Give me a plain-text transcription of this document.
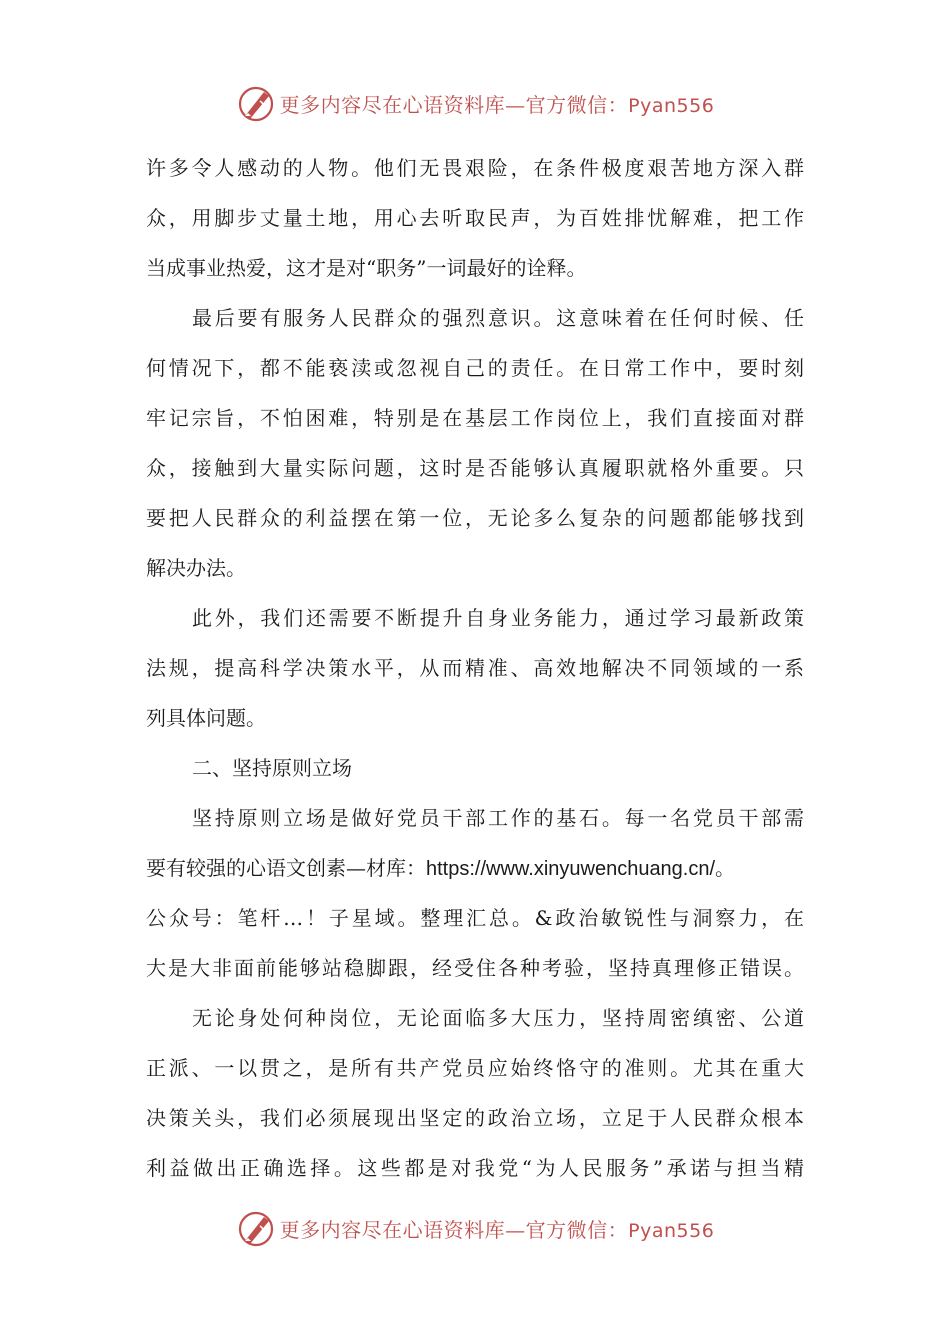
更多内容尽在心语资料库—官方微信：Pyan556
许多令人感动的人物。他们无畏艰险，在条件极度艰苦地方深入群
众，用脚步丈量土地，用心去听取民声，为百姓排忧解难，把工作
当成事业热爱，这才是对“职务”一词最好的诠释。
最后要有服务人民群众的强烈意识。这意味着在任何时候、任
何情况下，都不能亵渎或忽视自己的责任。在日常工作中，要时刻
牢记宗旨，不怕困难，特别是在基层工作岗位上，我们直接面对群
众，接触到大量实际问题，这时是否能够认真履职就格外重要。只
要把人民群众的利益摆在第一位，无论多么复杂的问题都能够找到
解决办法。
此外，我们还需要不断提升自身业务能力，通过学习最新政策
法规，提高科学决策水平，从而精准、高效地解决不同领域的一系
列具体问题。
二、坚持原则立场
坚持原则立场是做好党员干部工作的基石。每一名党员干部需
要有较强的心语文创素—材库：https://www.xinyuwenchuang.cn/。
公众号：笔杆…！子星域。整理汇总。&政治敏锐性与洞察力，在
大是大非面前能够站稳脚跟，经受住各种考验，坚持真理修正错误。
无论身处何种岗位，无论面临多大压力，坚持周密缜密、公道
正派、一以贯之，是所有共产党员应始终恪守的准则。尤其在重大
决策关头，我们必须展现出坚定的政治立场，立足于人民群众根本
利益做出正确选择。这些都是对我党“为人民服务”承诺与担当精
更多内容尽在心语资料库—官方微信：Pyan556
